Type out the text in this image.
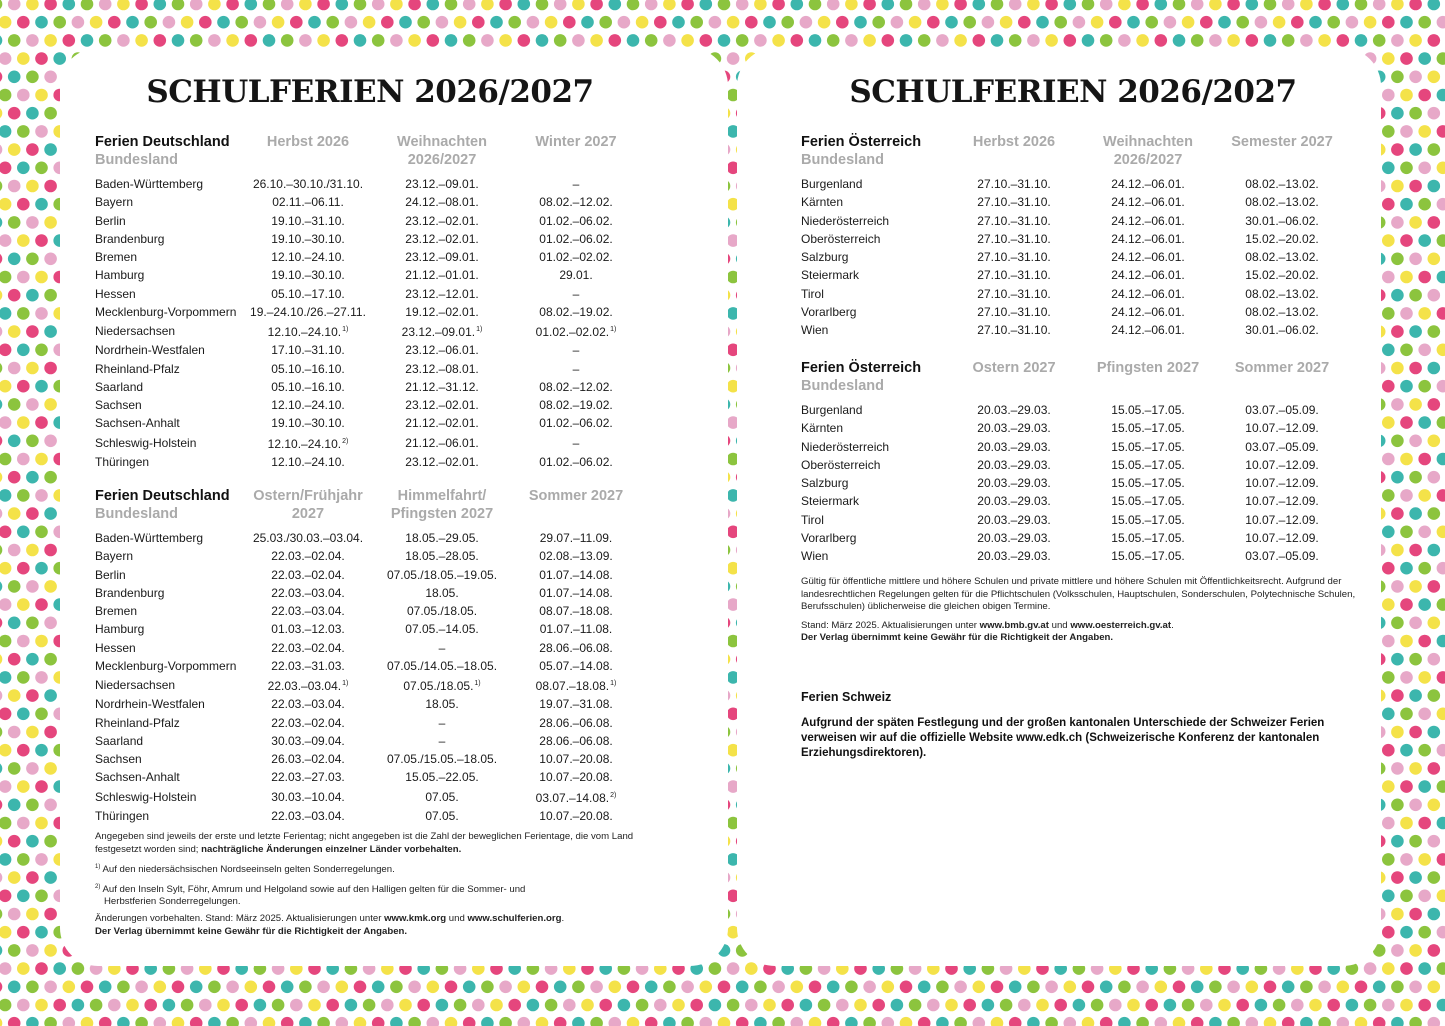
SCHULFERIEN 2026/2027	SCHULFERIEN 2026/2027
Ferien Deutschland
Bundesland	Herbst 2026	Weihnachten 2026/2027	Winter 2027
Baden-Württemberg	26.10.–30.10./31.10.	23.12.–09.01.	–
Bayern	02.11.–06.11.	24.12.–08.01.	08.02.–12.02.
Berlin	19.10.–31.10.	23.12.–02.01.	01.02.–06.02.
Brandenburg	19.10.–30.10.	23.12.–02.01.	01.02.–06.02.
Bremen	12.10.–24.10.	23.12.–09.01.	01.02.–02.02.
Hamburg	19.10.–30.10.	21.12.–01.01.	29.01.
Hessen	05.10.–17.10.	23.12.–12.01.	–
Mecklenburg-Vorpommern	19.–24.10./26.–27.11.	19.12.–02.01.	08.02.–19.02.
Niedersachsen	12.10.–24.10.$^{1)}$	23.12.–09.01.$^{1)}$	01.02.–02.02.$^{1)}$
Nordrhein-Westfalen	17.10.–31.10.	23.12.–06.01.	–
Rheinland-Pfalz	05.10.–16.10.	23.12.–08.01.	–
Saarland	05.10.–16.10.	21.12.–31.12.	08.02.–12.02.
Sachsen	12.10.–24.10.	23.12.–02.01.	08.02.–19.02.
Sachsen-Anhalt	19.10.–30.10.	21.12.–02.01.	01.02.–06.02.
Schleswig-Holstein	12.10.–24.10.$^{2)}$	21.12.–06.01.	–
Thüringen	12.10.–24.10.	23.12.–02.01.	01.02.–06.02.
Ferien Deutschland
Bundesland	Ostern/Frühjahr 2027	Himmelfahrt/ Pfingsten 2027	Sommer 2027
Baden-Württemberg	25.03./30.03.–03.04.	18.05.–29.05.	29.07.–11.09.
Bayern	22.03.–02.04.	18.05.–28.05.	02.08.–13.09.
Berlin	22.03.–02.04.	07.05./18.05.–19.05.	01.07.–14.08.
Brandenburg	22.03.–03.04.	18.05.	01.07.–14.08.
Bremen	22.03.–03.04.	07.05./18.05.	08.07.–18.08.
Hamburg	01.03.–12.03.	07.05.–14.05.	01.07.–11.08.
Hessen	22.03.–02.04.	–	28.06.–06.08.
Mecklenburg-Vorpommern	22.03.–31.03.	07.05./14.05.–18.05.	05.07.–14.08.
Niedersachsen	22.03.–03.04.$^{1)}$	07.05./18.05.$^{1)}$	08.07.–18.08.$^{1)}$
Nordrhein-Westfalen	22.03.–03.04.	18.05.	19.07.–31.08.
Rheinland-Pfalz	22.03.–02.04.	–	28.06.–06.08.
Saarland	30.03.–09.04.	–	28.06.–06.08.
Sachsen	26.03.–02.04.	07.05./15.05.–18.05.	10.07.–20.08.
Sachsen-Anhalt	22.03.–27.03.	15.05.–22.05.	10.07.–20.08.
Schleswig-Holstein	30.03.–10.04.	07.05.	03.07.–14.08.$^{2)}$
Thüringen	22.03.–03.04.	07.05.	10.07.–20.08.
Ferien Österreich
Bundesland	Herbst 2026	Weihnachten 2026/2027	Semester 2027
Burgenland	27.10.–31.10.	24.12.–06.01.	08.02.–13.02.
Kärnten	27.10.–31.10.	24.12.–06.01.	08.02.–13.02.
Niederösterreich	27.10.–31.10.	24.12.–06.01.	30.01.–06.02.
Oberösterreich	27.10.–31.10.	24.12.–06.01.	15.02.–20.02.
Salzburg	27.10.–31.10.	24.12.–06.01.	08.02.–13.02.
Steiermark	27.10.–31.10.	24.12.–06.01.	15.02.–20.02.
Tirol	27.10.–31.10.	24.12.–06.01.	08.02.–13.02.
Vorarlberg	27.10.–31.10.	24.12.–06.01.	08.02.–13.02.
Wien	27.10.–31.10.	24.12.–06.01.	30.01.–06.02.
Ferien Österreich
Bundesland	Ostern 2027	Pfingsten 2027	Sommer 2027
Burgenland	20.03.–29.03.	15.05.–17.05.	03.07.–05.09.
Kärnten	20.03.–29.03.	15.05.–17.05.	10.07.–12.09.
Niederösterreich	20.03.–29.03.	15.05.–17.05.	03.07.–05.09.
Oberösterreich	20.03.–29.03.	15.05.–17.05.	10.07.–12.09.
Salzburg	20.03.–29.03.	15.05.–17.05.	10.07.–12.09.
Steiermark	20.03.–29.03.	15.05.–17.05.	10.07.–12.09.
Tirol	20.03.–29.03.	15.05.–17.05.	10.07.–12.09.
Vorarlberg	20.03.–29.03.	15.05.–17.05.	10.07.–12.09.
Wien	20.03.–29.03.	15.05.–17.05.	03.07.–05.09.

Angegeben sind jeweils der erste und letzte Ferientag; nicht angegeben ist die Zahl der beweglichen Ferientage, die vom Land festgesetzt worden sind; nachträgliche Änderungen einzelner Länder vorbehalten.

$^{1)}$ Auf den niedersächsischen Nordseeinseln gelten Sonderregelungen.

$^{2)}$ Auf den Inseln Sylt, Föhr, Amrum und Helgoland sowie auf den Halligen gelten für die Sommer- und
Herbstferien Sonderregelungen.

Änderungen vorbehalten. Stand: März 2025. Aktualisierungen unter www.kmk.org und www.schulferien.org.
Der Verlag übernimmt keine Gewähr für die Richtigkeit der Angaben.

Gültig für öffentliche mittlere und höhere Schulen und private mittlere und höhere Schulen mit Öffentlichkeitsrecht. Aufgrund der landesrechtlichen Regelungen gelten für die Pflichtschulen (Volksschulen, Hauptschulen, Sonderschulen, Polytechnische Schulen, Berufsschulen) üblicherweise die gleichen obigen Termine.

Stand: März 2025. Aktualisierungen unter www.bmb.gv.at und www.oesterreich.gv.at.
Der Verlag übernimmt keine Gewähr für die Richtigkeit der Angaben.

Ferien Schweiz

Aufgrund der späten Festlegung und der großen kantonalen Unterschiede der Schweizer Ferien verweisen wir auf die offizielle Website www.edk.ch (Schweizerische Konferenz der kantonalen Erziehungsdirektoren).
